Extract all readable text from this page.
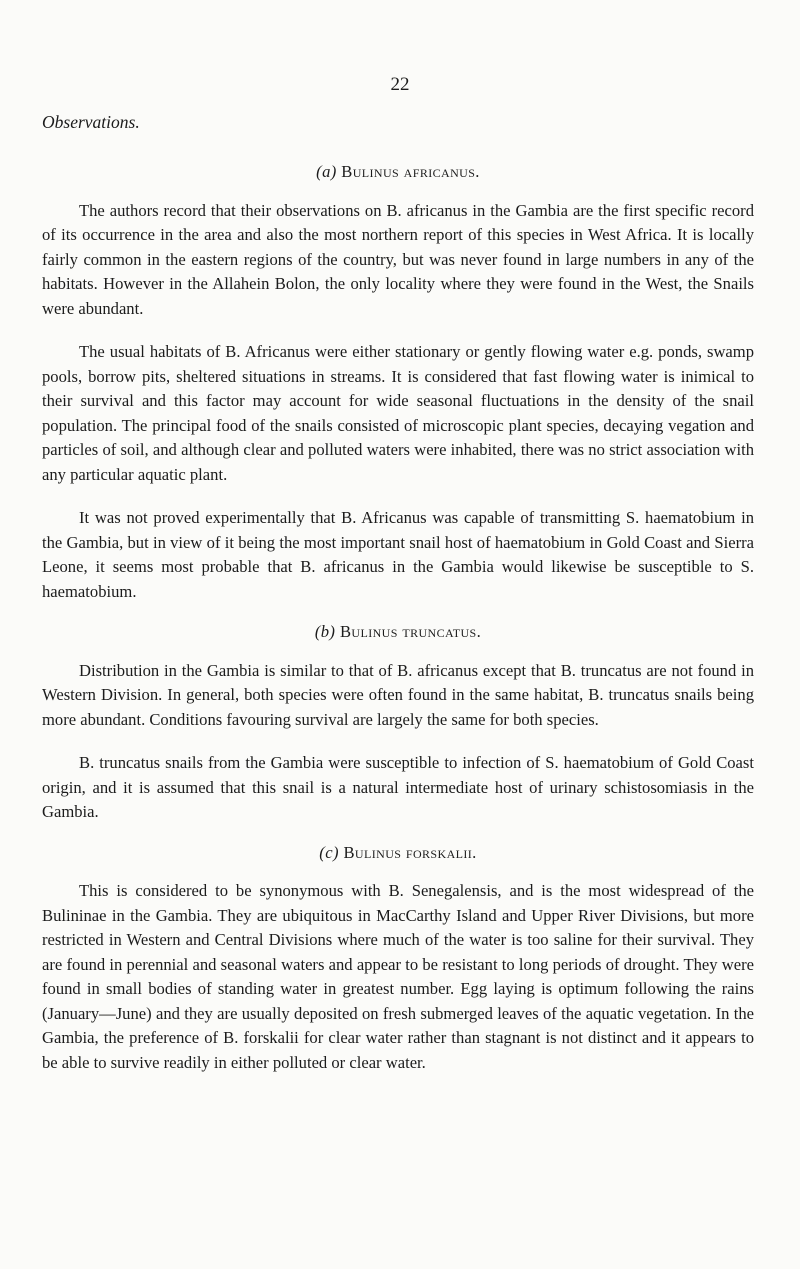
22
Observations.
(a) Bulinus africanus.

The authors record that their observations on B. africanus in the Gambia are the first specific record of its occurrence in the area and also the most northern report of this species in West Africa. It is locally fairly common in the eastern regions of the country, but was never found in large numbers in any of the habitats. However in the Allahein Bolon, the only locality where they were found in the West, the Snails were abundant.

The usual habitats of B. Africanus were either stationary or gently flowing water e.g. ponds, swamp pools, borrow pits, sheltered situations in streams. It is considered that fast flowing water is inimical to their survival and this factor may account for wide seasonal fluctuations in the density of the snail population. The principal food of the snails consisted of microscopic plant species, decaying vegation and particles of soil, and although clear and polluted waters were inhabited, there was no strict association with any particular aquatic plant.

It was not proved experimentally that B. Africanus was capable of transmitting S. haematobium in the Gambia, but in view of it being the most important snail host of haematobium in Gold Coast and Sierra Leone, it seems most probable that B. africanus in the Gambia would likewise be susceptible to S. haematobium.

(b) Bulinus truncatus.

Distribution in the Gambia is similar to that of B. africanus except that B. truncatus are not found in Western Division. In general, both species were often found in the same habitat, B. truncatus snails being more abundant. Conditions favouring survival are largely the same for both species.

B. truncatus snails from the Gambia were susceptible to infection of S. haematobium of Gold Coast origin, and it is assumed that this snail is a natural intermediate host of urinary schistosomiasis in the Gambia.

(c) Bulinus forskalii.

This is considered to be synonymous with B. Senegalensis, and is the most widespread of the Bulininae in the Gambia. They are ubiquitous in MacCarthy Island and Upper River Divisions, but more restricted in Western and Central Divisions where much of the water is too saline for their survival. They are found in perennial and seasonal waters and appear to be resistant to long periods of drought. They were found in small bodies of standing water in greatest number. Egg laying is optimum following the rains (January—June) and they are usually deposited on fresh submerged leaves of the aquatic vegetation. In the Gambia, the preference of B. forskalii for clear water rather than stagnant is not distinct and it appears to be able to survive readily in either polluted or clear water.
